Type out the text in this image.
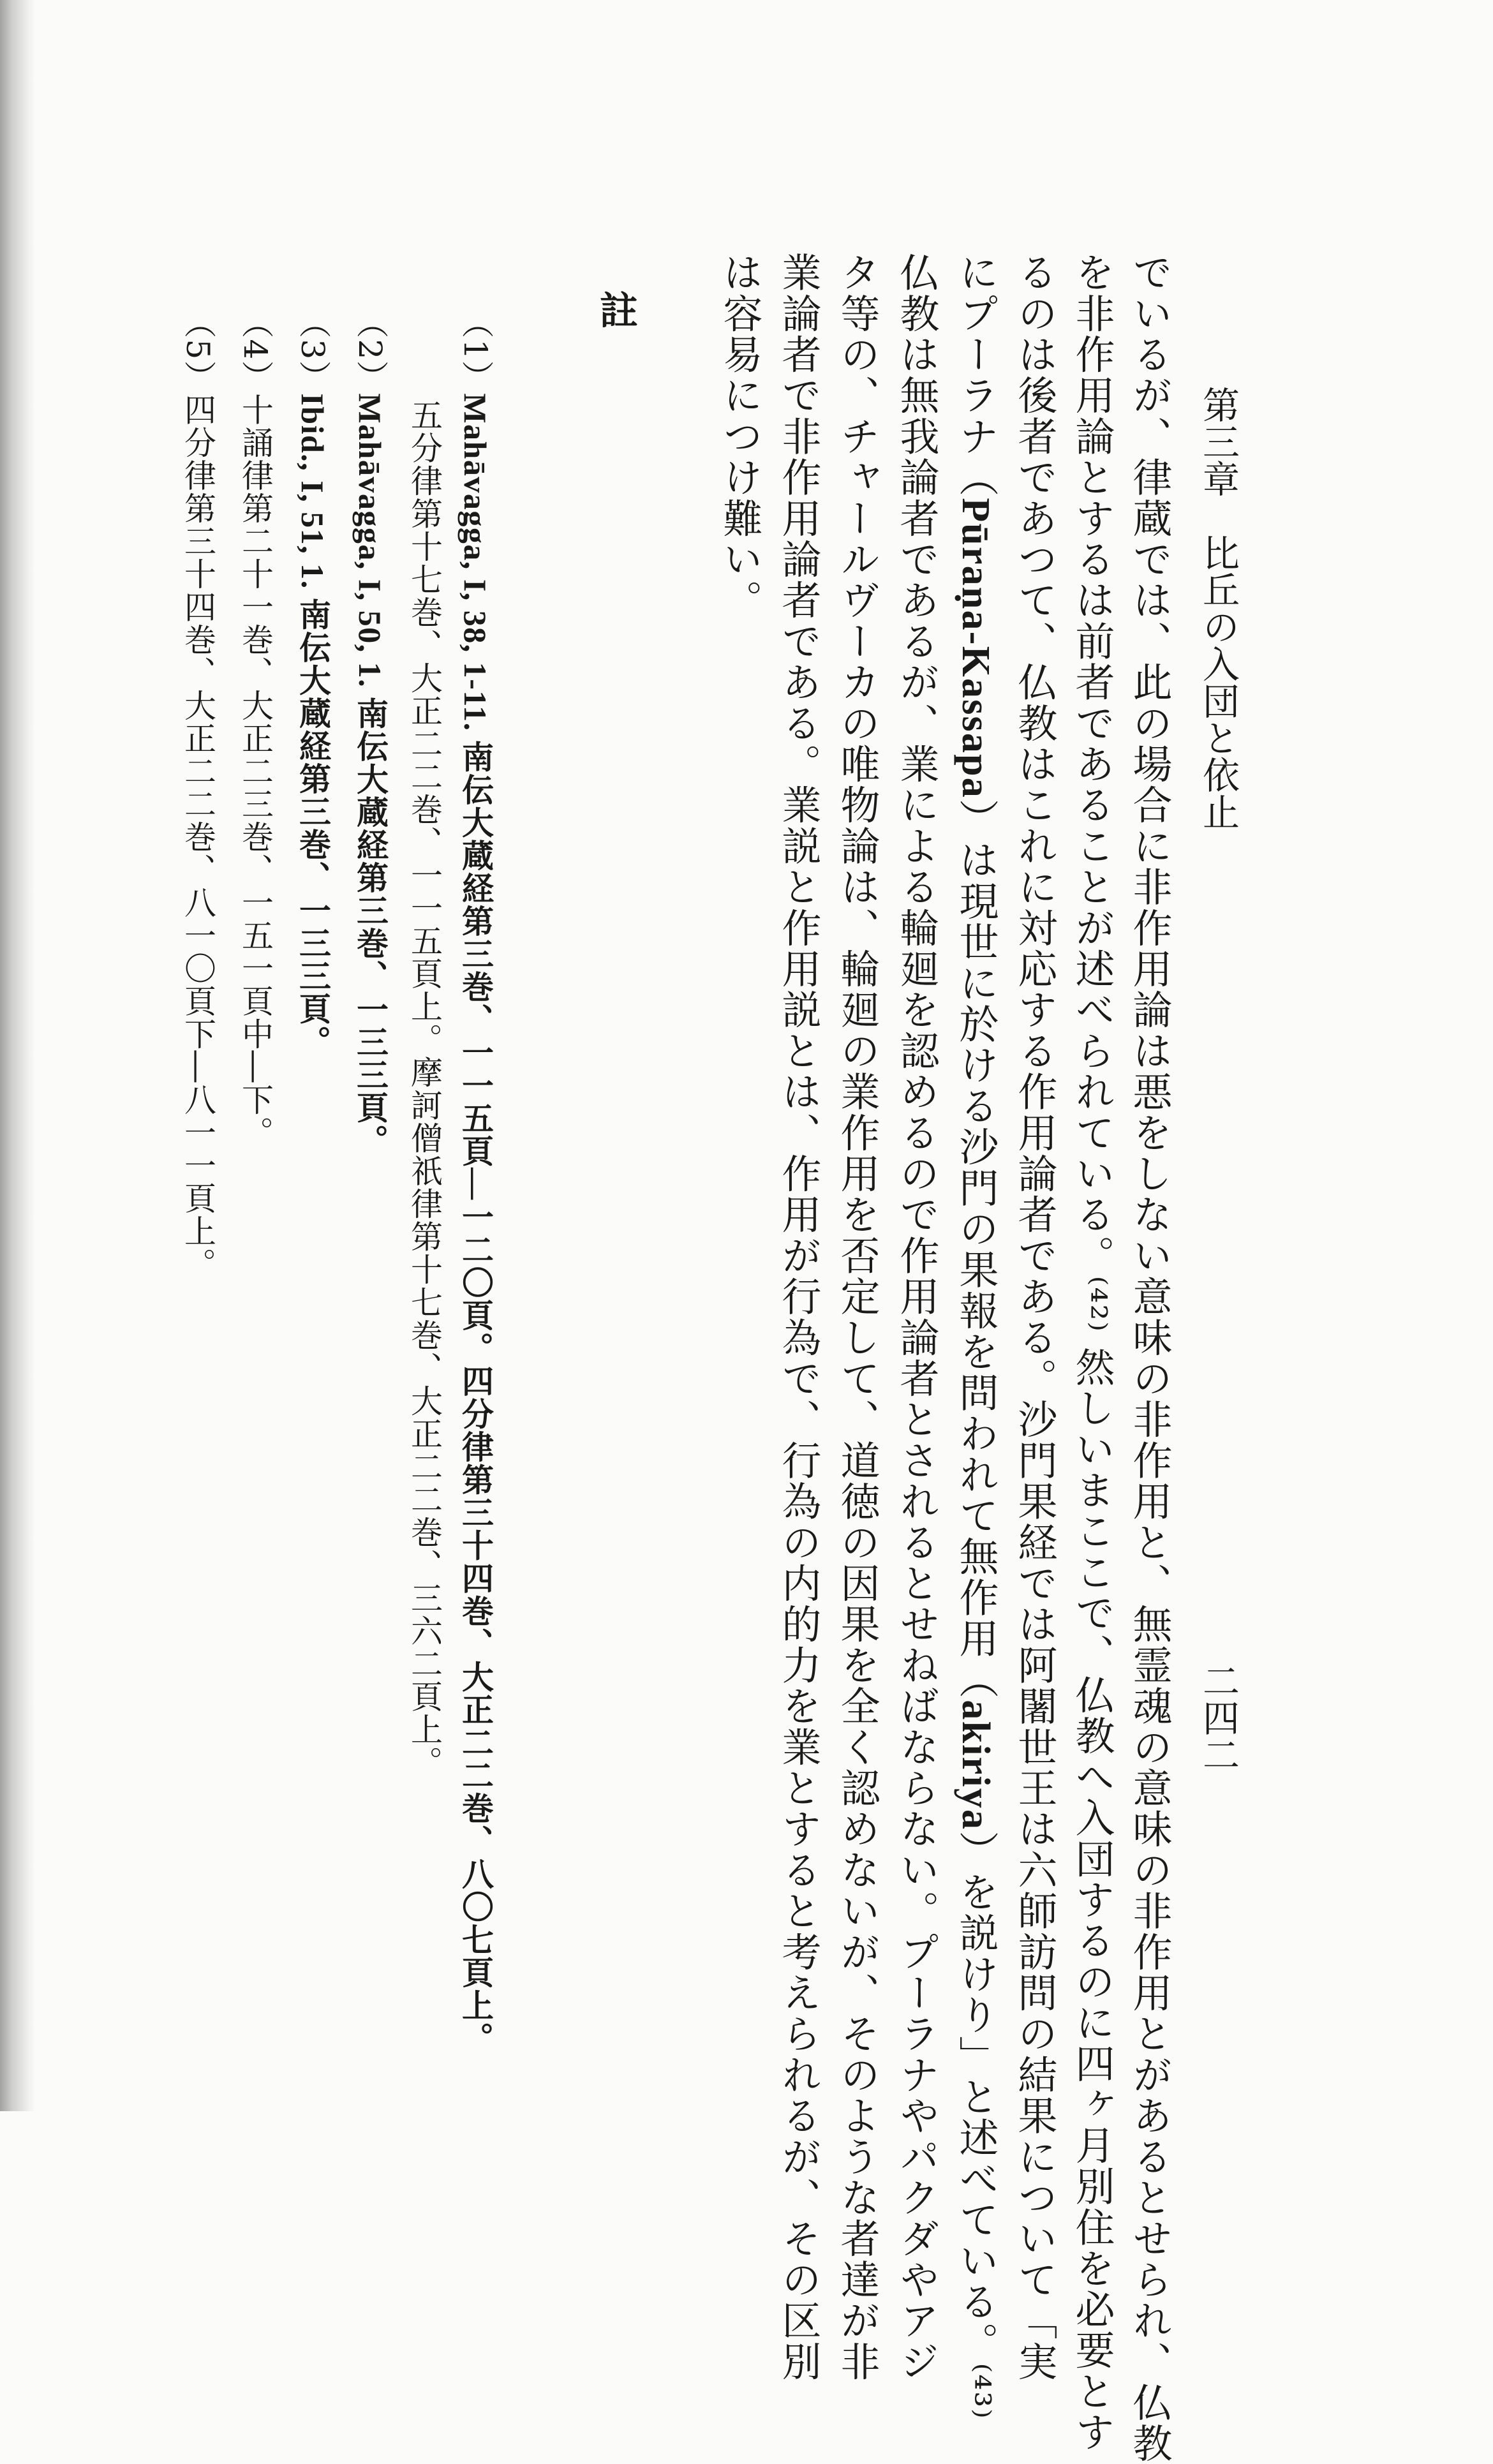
第三章　比丘の入団と依止
二四二
でいるが、律蔵では、此の場合に非作用論は悪をしない意味の非作用と、無霊魂の意味の非作用とがあるとせられ、仏教
を非作用論とするは前者であることが述べられている。⁽⁴²⁾ 然しいまここで、仏教へ入団するのに四ヶ月別住を必要とす
るのは後者であつて、仏教はこれに対応する作用論者である。沙門果経では阿闍世王は六師訪問の結果について「実
にプーラナ（Pūraṇa-Kassapa）は現世に於ける沙門の果報を問われて無作用（akiriya）を説けり」と述べている。⁽⁴³⁾
仏教は無我論者であるが、業による輪廻を認めるので作用論者とされるとせねばならない。プーラナやパクダやアジ
タ等の、チャールヴーカの唯物論は、輪廻の業作用を否定して、道徳の因果を全く認めないが、そのような者達が非
業論者で非作用論者である。業説と作用説とは、作用が行為で、行為の内的力を業とすると考えられるが、その区別
は容易につけ難い。
註
（1）Mahāvagga, I, 38, 1-11. 南伝大蔵経第三巻、一一五頁―一二〇頁。四分律第三十四巻、大正二二巻、八〇七頁上。
五分律第十七巻、大正二二巻、一一五頁上。摩訶僧祇律第十七巻、大正二二巻、三六二頁上。
（2）Mahāvagga, I, 50, 1. 南伝大蔵経第三巻、一三三頁。
（3）Ibid., I, 51, 1. 南伝大蔵経第三巻、一三三頁。
（4）十誦律第二十一巻、大正二三巻、一五一頁中―下。
（5）四分律第三十四巻、大正二二巻、八一〇頁下―八一一頁上。
